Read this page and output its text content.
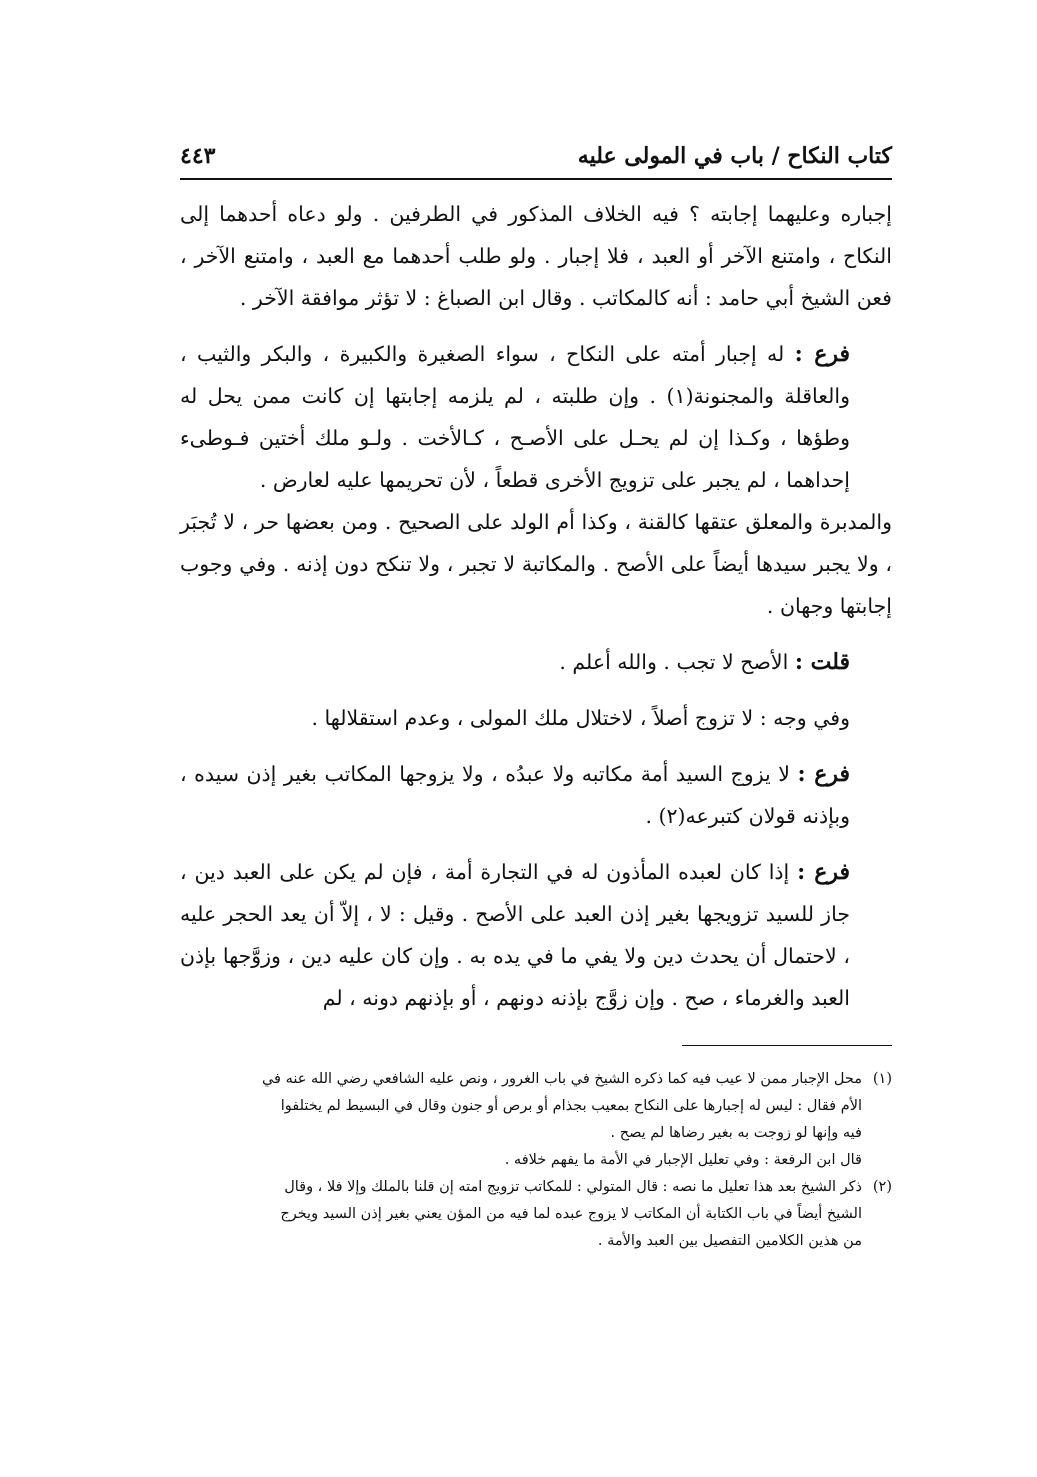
كتاب النكاح / باب في المولى عليه
٤٤٣

إجباره وعليهما إجابته ؟ فيه الخلاف المذكور في الطرفين . ولو دعاه أحدهما إلى النكاح ، وامتنع الآخر أو العبد ، فلا إجبار . ولو طلب أحدهما مع العبد ، وامتنع الآخر ، فعن الشيخ أبي حامد : أنه كالمكاتب . وقال ابن الصباغ : لا تؤثر موافقة الآخر .

فرع : له إجبار أمته على النكاح ، سواء الصغيرة والكبيرة ، والبكر والثيب ، والعاقلة والمجنونة(١) . وإن طلبته ، لم يلزمه إجابتها إن كانت ممن يحل له وطؤها ، وكـذا إن لم يحـل على الأصـح ، كـالأخت . ولـو ملك أختين فـوطىء إحداهما ، لم يجبر على تزويج الأخرى قطعاً ، لأن تحريمها عليه لعارض .

والمدبرة والمعلق عتقها كالقنة ، وكذا أم الولد على الصحيح . ومن بعضها حر ، لا تُجبَر ، ولا يجبر سيدها أيضاً على الأصح . والمكاتبة لا تجبر ، ولا تنكح دون إذنه . وفي وجوب إجابتها وجهان .

قلت : الأصح لا تجب . والله أعلم .

وفي وجه : لا تزوج أصلاً ، لاختلال ملك المولى ، وعدم استقلالها .

فرع : لا يزوج السيد أمة مكاتبه ولا عبدُه ، ولا يزوجها المكاتب بغير إذن سيده ، وبإذنه قولان كتبرعه(٢) .

فرع : إذا كان لعبده المأذون له في التجارة أمة ، فإن لم يكن على العبد دين ، جاز للسيد تزويجها بغير إذن العبد على الأصح . وقيل : لا ، إلاّ أن يعد الحجر عليه ، لاحتمال أن يحدث دين ولا يفي ما في يده به . وإن كان عليه دين ، وزوَّجها بإذن العبد والغرماء ، صح . وإن زوَّج بإذنه دونهم ، أو بإذنهم دونه ، لم

(١)
محل الإجبار ممن لا عيب فيه كما ذكره الشيخ في باب الغرور ، ونص عليه الشافعي رضي الله عنه في
الأم فقال : ليس له إجبارها على النكاح بمعيب بجذام أو برص أو جنون وقال في البسيط لم يختلفوا
فيه وإنها لو زوجت به بغير رضاها لم يصح .
قال ابن الرفعة : وفي تعليل الإجبار في الأمة ما يفهم خلافه .
(٢)
ذكر الشيخ بعد هذا تعليل ما نصه : قال المتولي : للمكاتب تزويج امته إن قلنا بالملك وإلا فلا ، وقال
الشيخ أيضاً في باب الكتابة أن المكاتب لا يزوج عبده لما فيه من المؤن يعني بغير إذن السيد ويخرج
من هذين الكلامين التفصيل بين العبد والأمة .
